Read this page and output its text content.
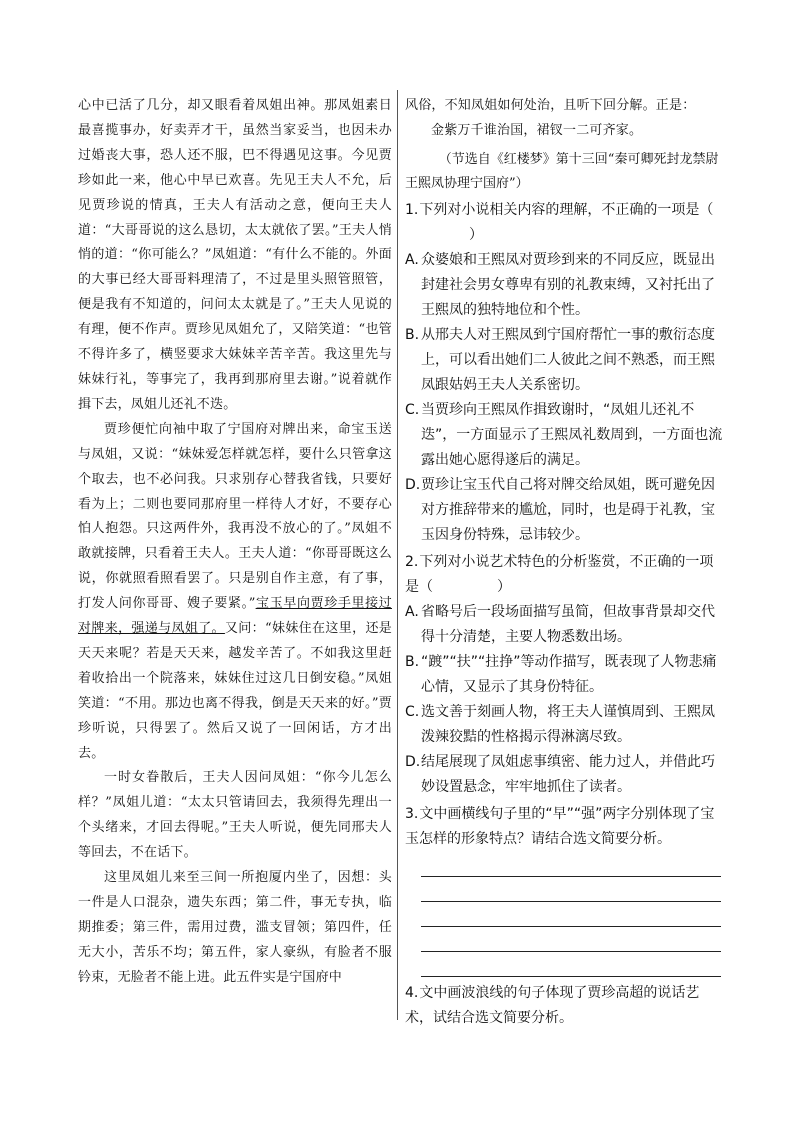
心中已活了几分，却又眼看着凤姐出神。那凤姐素日最喜揽事办，好卖弄才干，虽然当家妥当，也因未办过婚丧大事，恐人还不服，巴不得遇见这事。今见贾珍如此一来，他心中早已欢喜。先见王夫人不允，后见贾珍说的情真，王夫人有活动之意，便向王夫人道：“大哥哥说的这么恳切，太太就依了罢。”王夫人悄悄的道：“你可能么？”凤姐道：“有什么不能的。外面的大事已经大哥哥料理清了，不过是里头照管照管，便是我有不知道的，问问太太就是了。”王夫人见说的有理，便不作声。贾珍见凤姐允了，又陪笑道：“也管不得许多了，横竖要求大妹妹辛苦辛苦。我这里先与妹妹行礼，等事完了，我再到那府里去谢。”说着就作揖下去，凤姐儿还礼不迭。

贾珍便忙向袖中取了宁国府对牌出来，命宝玉送与凤姐，又说：“妹妹爱怎样就怎样，要什么只管拿这个取去，也不必问我。只求别存心替我省钱，只要好看为上；二则也要同那府里一样待人才好，不要存心怕人抱怨。只这两件外，我再没不放心的了。”凤姐不敢就接牌，只看着王夫人。王夫人道：“你哥哥既这么说，你就照看照看罢了。只是别自作主意，有了事，打发人问你哥哥、嫂子要紧。”宝玉早向贾珍手里接过对牌来，强递与凤姐了。又问：“妹妹住在这里，还是天天来呢？若是天天来，越发辛苦了。不如我这里赶着收拾出一个院落来，妹妹住过这几日倒安稳。”凤姐笑道：“不用。那边也离不得我，倒是天天来的好。”贾珍听说，只得罢了。然后又说了一回闲话，方才出去。

一时女眷散后，王夫人因问凤姐：“你今儿怎么样？”凤姐儿道：“太太只管请回去，我须得先理出一个头绪来，才回去得呢。”王夫人听说，便先同邢夫人等回去，不在话下。

这里凤姐儿来至三间一所抱厦内坐了，因想：头一件是人口混杂，遗失东西；第二件，事无专执，临期推委；第三件，需用过费，滥支冒领；第四件，任无大小，苦乐不均；第五件，家人豪纵，有脸者不服钤束，无脸者不能上进。此五件实是宁国府中

风俗，不知凤姐如何处治，且听下回分解。正是：

金紫万千谁治国，裙钗一二可齐家。

（节选自《红楼梦》第十三回“秦可卿死封龙禁尉 王熙凤协理宁国府”）

1.下列对小说相关内容的理解，不正确的一项是（）

A. 众婆娘和王熙凤对贾珍到来的不同反应，既显出封建社会男女尊卑有别的礼教束缚，又衬托出了王熙凤的独特地位和个性。

B. 从邢夫人对王熙凤到宁国府帮忙一事的敷衍态度上，可以看出她们二人彼此之间不熟悉，而王熙凤跟姑妈王夫人关系密切。

C. 当贾珍向王熙凤作揖致谢时，“凤姐儿还礼不迭”，一方面显示了王熙凤礼数周到，一方面也流露出她心愿得遂后的满足。

D. 贾珍让宝玉代自己将对牌交给凤姐，既可避免因对方推辞带来的尴尬，同时，也是碍于礼教，宝玉因身份特殊，忌讳较少。

2.下列对小说艺术特色的分析鉴赏，不正确的一项是（	）

A. 省略号后一段场面描写虽简，但故事背景却交代得十分清楚，主要人物悉数出场。

B. “踱”“扶”“拄挣”等动作描写，既表现了人物悲痛心情，又显示了其身份特征。

C. 选文善于刻画人物，将王夫人谨慎周到、王熙凤泼辣狡黠的性格揭示得淋漓尽致。

D. 结尾展现了凤姐虑事缜密、能力过人，并借此巧妙设置悬念，牢牢地抓住了读者。

3.文中画横线句子里的“早”“强”两字分别体现了宝玉怎样的形象特点？请结合选文简要分析。

4.文中画波浪线的句子体现了贾珍高超的说话艺术，试结合选文简要分析。
